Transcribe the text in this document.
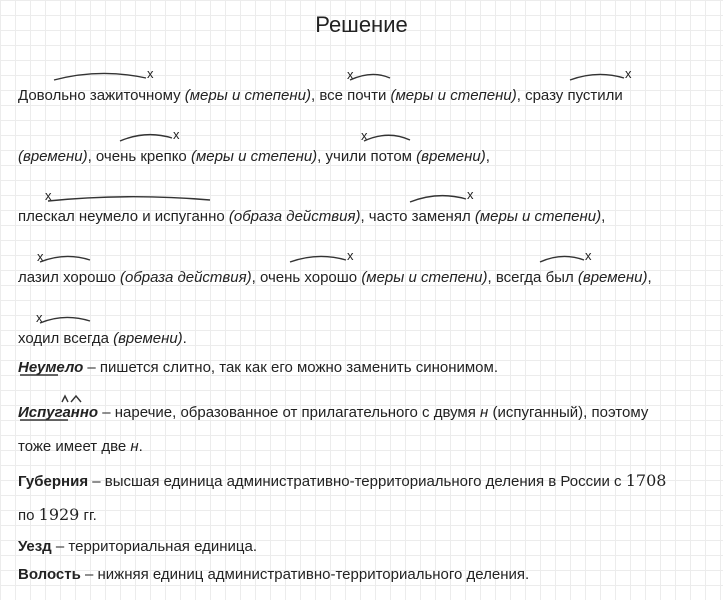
Решение
Довольно зажиточному (меры и степени), все почти (меры и степени), сразу пустили
(времени), очень крепко (меры и степени), учили потом (времени),
плескал неумело и испуганно (образа действия), часто заменял (меры и степени),
лазил хорошо (образа действия), очень хорошо (меры и степени), всегда был (времени),
ходил всегда (времени).
Неумело – пишется слитно, так как его можно заменить синонимом.
Испуганно – наречие, образованное от прилагательного с двумя н (испуганный), поэтому
тоже имеет две н.
Губерния – высшая единица административно-территориального деления в России с 1708
по 1929 гг.
Уезд – территориальная единица.
Волость – нижняя единиц административно-территориального деления.
x	x	x
x	x
x	x
x	x	x
x
